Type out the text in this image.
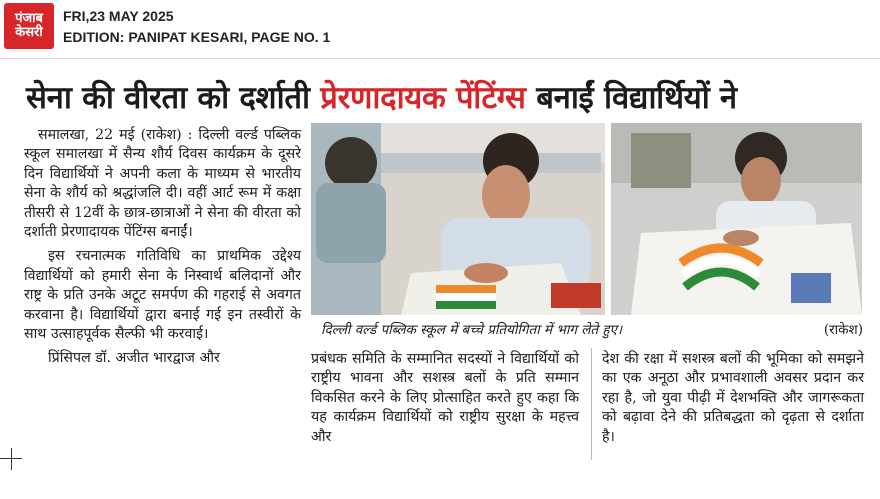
पंजाब
केसरी
FRI,23 MAY 2025
EDITION: PANIPAT KESARI, PAGE NO. 1
सेना की वीरता को दर्शाती प्रेरणादायक पेंटिंग्स बनाईं विद्यार्थियों ने

समालखा, 22 मई (राकेश) : दिल्ली वर्ल्ड पब्लिक स्कूल समालखा में सैन्य शौर्य दिवस कार्यक्रम के दूसरे दिन विद्यार्थियों ने अपनी कला के माध्यम से भारतीय सेना के शौर्य को श्रद्धांजलि दी। वहीं आर्ट रूम में कक्षा तीसरी से 12वीं के छात्र-छात्राओं ने सेना की वीरता को दर्शाती प्रेरणादायक पेंटिंग्स बनाईं।

इस रचनात्मक गतिविधि का प्राथमिक उद्देश्य विद्यार्थियों को हमारी सेना के निस्वार्थ बलिदानों और राष्ट्र के प्रति उनके अटूट समर्पण की गहराई से अवगत करवाना है। विद्यार्थियों द्वारा बनाई गई इन तस्वीरों के साथ उत्साहपूर्वक सैल्फी भी करवाई।

प्रिंसिपल डॉ. अजीत भारद्वाज और

दिल्ली वर्ल्ड पब्लिक स्कूल में बच्चे प्रतियोगिता में भाग लेते हुए।	(राकेश)

प्रबंधक समिति के सम्मानित सदस्यों ने विद्यार्थियों को राष्ट्रीय भावना और सशस्त्र बलों के प्रति सम्मान विकसित करने के लिए प्रोत्साहित करते हुए कहा कि यह कार्यक्रम विद्यार्थियों को राष्ट्रीय सुरक्षा के महत्त्व और

देश की रक्षा में सशस्त्र बलों की भूमिका को समझने का एक अनूठा और प्रभावशाली अवसर प्रदान कर रहा है, जो युवा पीढ़ी में देशभक्ति और जागरूकता को बढ़ावा देने की प्रतिबद्धता को दृढ़ता से दर्शाता है।
